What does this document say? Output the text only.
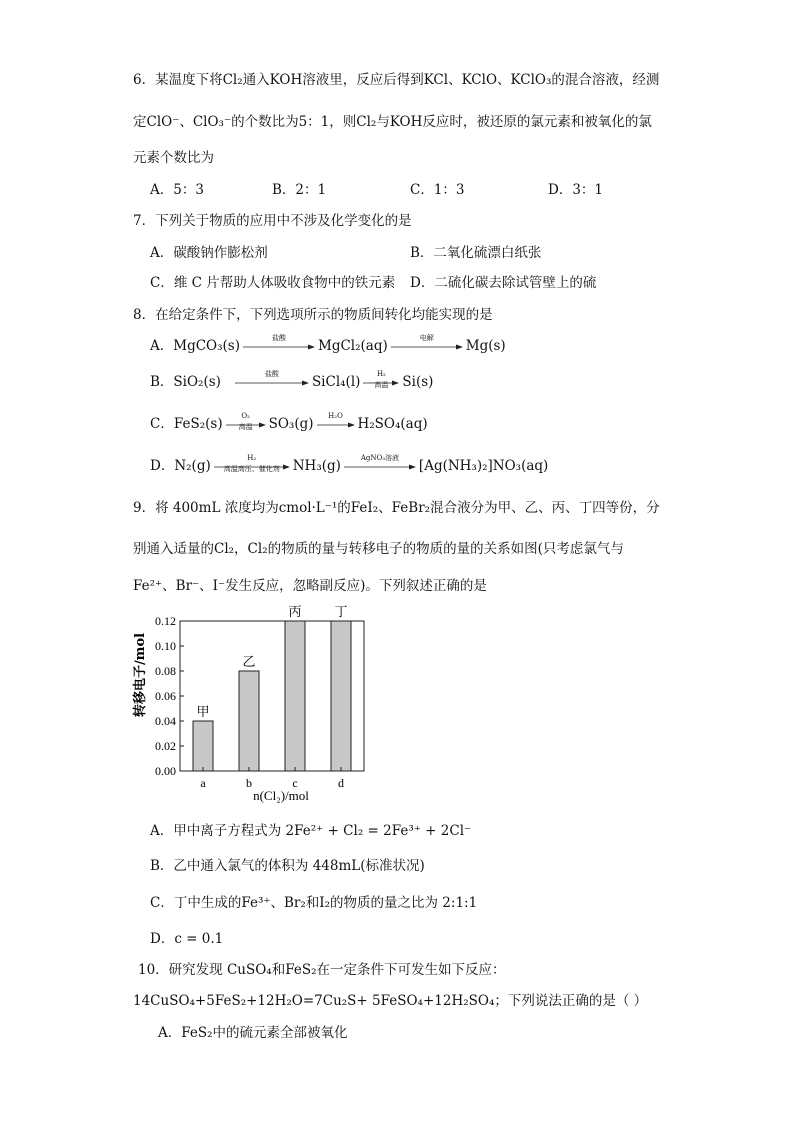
6．某温度下将Cl₂通入KOH溶液里，反应后得到KCl、KClO、KClO₃的混合溶液，经测
定ClO⁻、ClO₃⁻的个数比为5：1，则Cl₂与KOH反应时，被还原的氯元素和被氧化的氯
元素个数比为
A．5：3	B．2：1	C．1：3	D．3：1
7．下列关于物质的应用中不涉及化学变化的是
A．碳酸钠作膨松剂	B．二氧化硫漂白纸张
C．维 C 片帮助人体吸收食物中的铁元素 D．二硫化碳去除试管壁上的硫
8．在给定条件下，下列选项所示的物质间转化均能实现的是
A．MgCO₃(s)
盐酸
MgCl₂(aq)
电解
Mg(s)
B．SiO₂(s)
盐酸
SiCl₄(l)
H₂
高温	Si(s)
C．FeS₂(s)
O₂
高温	SO₃(g)
H₂O
H₂SO₄(aq)
D．N₂(g)
H₂
高温高压、催化剂 NH₃(g)
AgNO₃溶液
[Ag(NH₃)₂]NO₃(aq)
9．将 400mL 浓度均为cmol·L⁻¹的FeI₂、FeBr₂混合液分为甲、乙、丙、丁四等份，分
别通入适量的Cl₂，Cl₂的物质的量与转移电子的物质的量的关系如图(只考虑氯气与
Fe²⁺、Br⁻、I⁻发生反应，忽略副反应)。下列叙述正确的是
甲
乙
丙	丁
0.00
0.02
0.04
0.06
0.08
0.10
0.12
a	b	c	d
转移电子/mol
n(Cl₂)/mol
A．甲中离子方程式为 2Fe²⁺ + Cl₂ = 2Fe³⁺ + 2Cl⁻
B．乙中通入氯气的体积为 448mL(标准状况)
C．丁中生成的Fe³⁺、Br₂和I₂的物质的量之比为 2:1:1
D．c = 0.1
10．研究发现 CuSO₄和FeS₂在一定条件下可发生如下反应：
14CuSO₄+5FeS₂+12H₂O=7Cu₂S+ 5FeSO₄+12H₂SO₄；下列说法正确的是（ ）
A．FeS₂中的硫元素全部被氧化
